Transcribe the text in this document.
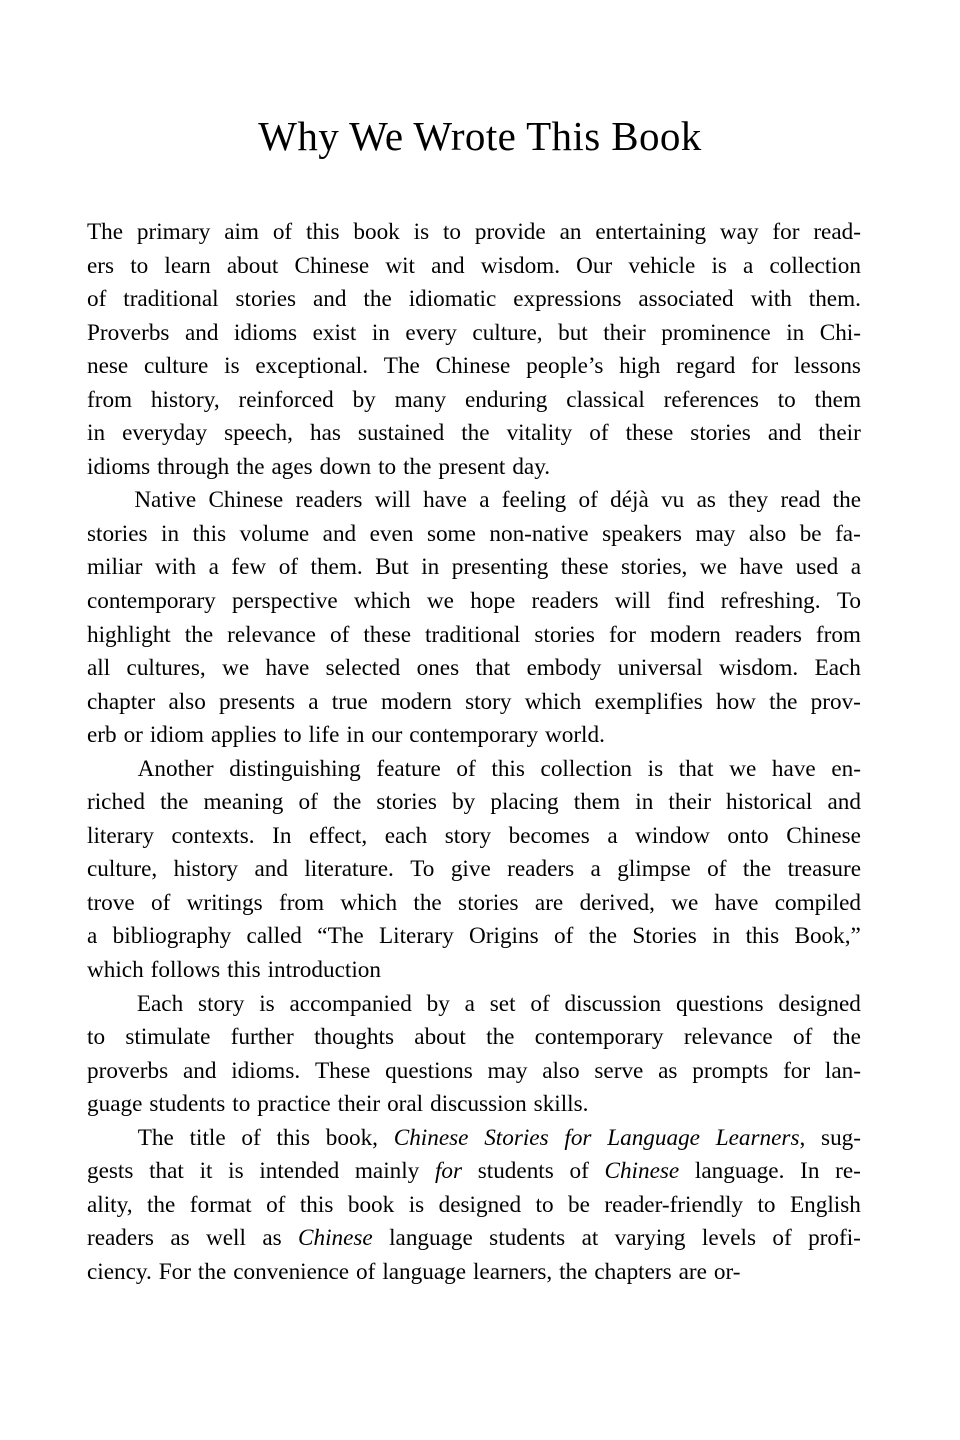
Why We Wrote This Book
The primary aim of this book is to provide an entertaining way for read-
ers to learn about Chinese wit and wisdom. Our vehicle is a collection
of traditional stories and the idiomatic expressions associated with them.
Proverbs and idioms exist in every culture, but their prominence in Chi-
nese culture is exceptional. The Chinese people’s high regard for lessons
from history, reinforced by many enduring classical references to them
in everyday speech, has sustained the vitality of these stories and their
idioms through the ages down to the present day.
Native Chinese readers will have a feeling of déjà vu as they read the
stories in this volume and even some non-native speakers may also be fa-
miliar with a few of them. But in presenting these stories, we have used a
contemporary perspective which we hope readers will find refreshing. To
highlight the relevance of these traditional stories for modern readers from
all cultures, we have selected ones that embody universal wisdom. Each
chapter also presents a true modern story which exemplifies how the prov-
erb or idiom applies to life in our contemporary world.
Another distinguishing feature of this collection is that we have en-
riched the meaning of the stories by placing them in their historical and
literary contexts. In effect, each story becomes a window onto Chinese
culture, history and literature. To give readers a glimpse of the treasure
trove of writings from which the stories are derived, we have compiled
a bibliography called “The Literary Origins of the Stories in this Book,”
which follows this introduction
Each story is accompanied by a set of discussion questions designed
to stimulate further thoughts about the contemporary relevance of the
proverbs and idioms. These questions may also serve as prompts for lan-
guage students to practice their oral discussion skills.
The title of this book, Chinese Stories for Language Learners, sug-
gests that it is intended mainly for students of Chinese language. In re-
ality, the format of this book is designed to be reader-friendly to English
readers as well as Chinese language students at varying levels of profi-
ciency. For the convenience of language learners, the chapters are or-
